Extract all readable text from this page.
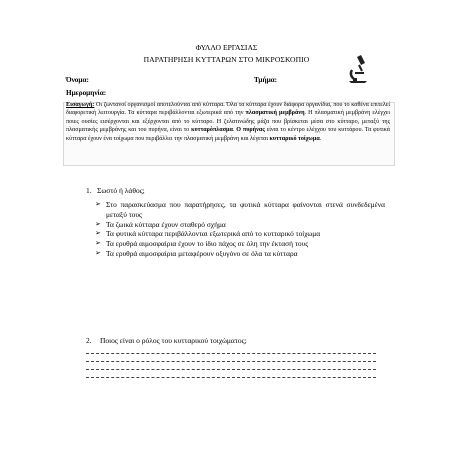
ΦΥΛΛΟ ΕΡΓΑΣΙΑΣ
ΠΑΡΑΤΗΡΗΣΗ ΚΥΤΤΑΡΩΝ ΣΤΟ ΜΙΚΡΟΣΚΟΠΙΟ
Όνομα:	Τμήμα:
Ημερομηνία:

Εισαγωγή: Οι ζωντανοί οργανισμοί αποτελούνται από κύτταρα. Όλα τα κύτταρα έχουν διάφορα οργανίδια, που το καθένα επιτελεί διαφορετική λειτουργία. Τα κύτταρα περιβάλλονται εξωτερικά από την πλασματική μεμβράνη. Η πλασματική μεμβράνη ελέγχει ποιες ουσίες εισέρχονται και εξέρχονται από το κύτταρο. Η ζελατινώδης μάζα που βρίσκεται μέσα στο κύτταρο, μεταξύ της πλασματικής μεμβράνης και του πυρήνα, είναι το κυτταρόπλασμα. Ο πυρήνας είναι το κέντρο ελέγχου του κυττάρου. Τα φυτικά κύτταρα έχουν ένα τοίχωμα που περιβάλλει την πλασματική μεμβράνη και λέγεται κυτταρικό τοίχωμα.

1. Σωστό ή λάθος;
➢ Στο παρασκεύασμα που παρατήρησες, τα φυτικά κύτταρα φαίνονται στενά συνδεδεμένα μεταξύ τους
➢ Τα ζωικά κύτταρα έχουν σταθερό σχήμα
➢ Τα φυτικά κύτταρα περιβάλλονται εξωτερικά από το κυτταρικό τοίχωμα
➢ Τα ερυθρά αιμοσφαίρια έχουν το ίδιο πάχος σε όλη την έκτασή τους
➢ Τα ερυθρά αιμοσφαίρια μεταφέρουν οξυγόνο σε όλα τα κύτταρα
2. Ποιος είναι ο ρόλος του κυτταρικού τοιχώματος;
